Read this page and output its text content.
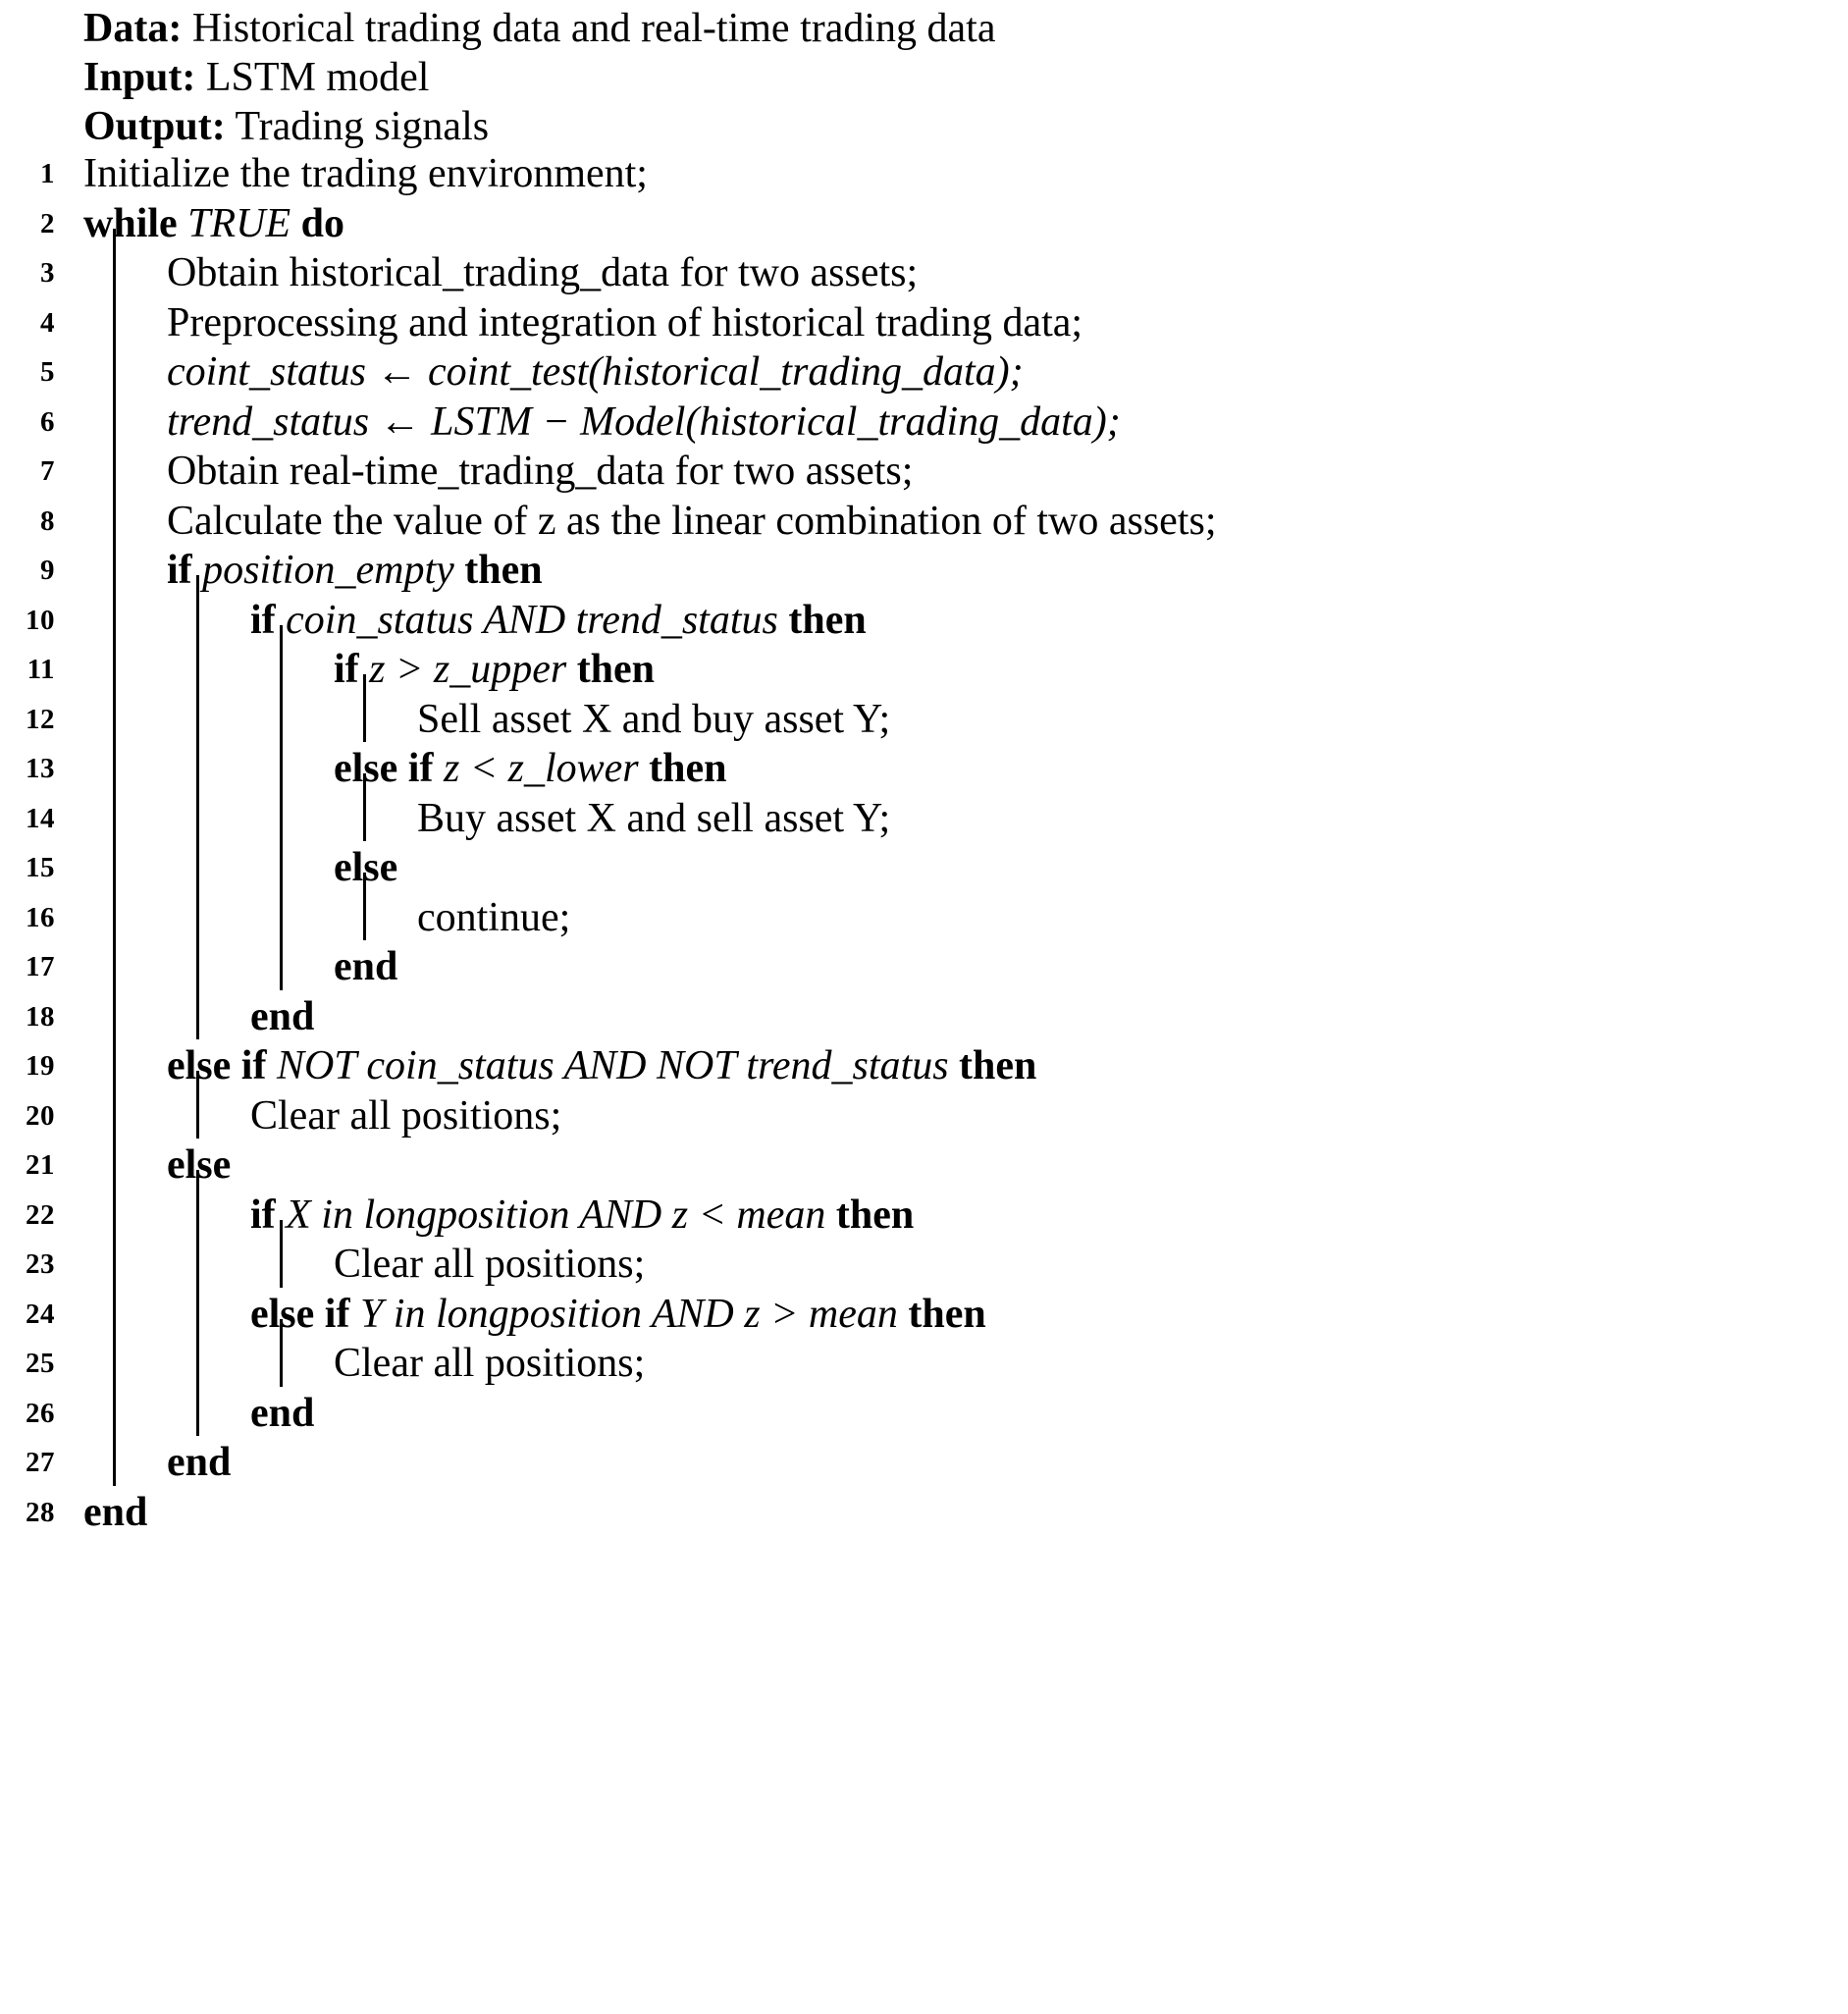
Data: Historical trading data and real-time trading data
Input: LSTM model
Output: Trading signals
1 Initialize the trading environment;
2 while TRUE do
3	Obtain historical_trading_data for two assets;
4	Preprocessing and integration of historical trading data;
5	coint_status ← coint_test(historical_trading_data);
6	trend_status ← LSTM − Model(historical_trading_data);
7	Obtain real-time_trading_data for two assets;
8	Calculate the value of z as the linear combination of two assets;
9	if position_empty then
10	if coin_status AND trend_status then
11	if z > z_upper then
12	Sell asset X and buy asset Y;
13	else if z < z_lower then
14	Buy asset X and sell asset Y;
15	else
16	continue;
17	end
18	end
19	else if NOT coin_status AND NOT trend_status then
20	Clear all positions;
21	else
22	if X in longposition AND z < mean then
23	Clear all positions;
24	else if Y in longposition AND z > mean then
25	Clear all positions;
26	end
27	end
28 end
